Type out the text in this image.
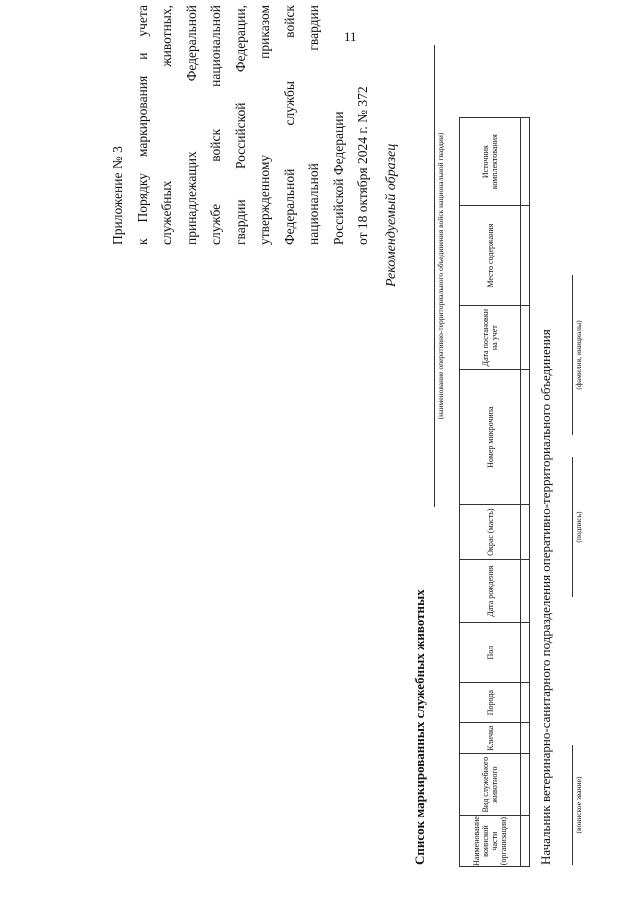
11
Приложение № 3 к
Порядку
маркирования
и
учета
служебных
животных,
принадлежащих
Федеральной
службе
войск
национальной
гвардии
Российской
Федерации,
утвержденному
приказом
Федеральной
службы
войск
национальной
гвардии
Российской Федерации от 18 октября 2024 г. № 372	Рекомендуемый образец
Список маркированных служебных животных
(наименование оперативно-территориального объединения войск национальной гвардии)
Наименование воинской части (организации)	Вид служебного животного	Кличка	Порода	Пол	Дата рождения	Окрас (масть)	Номер микрочипа	Дата постановки на учет	Место содержания	Источник комплектования

Начальник ветеринарно-санитарного подразделения оперативно-территориального объединения	(воинское звание)
(подпись)
(фамилия, инициалы)
